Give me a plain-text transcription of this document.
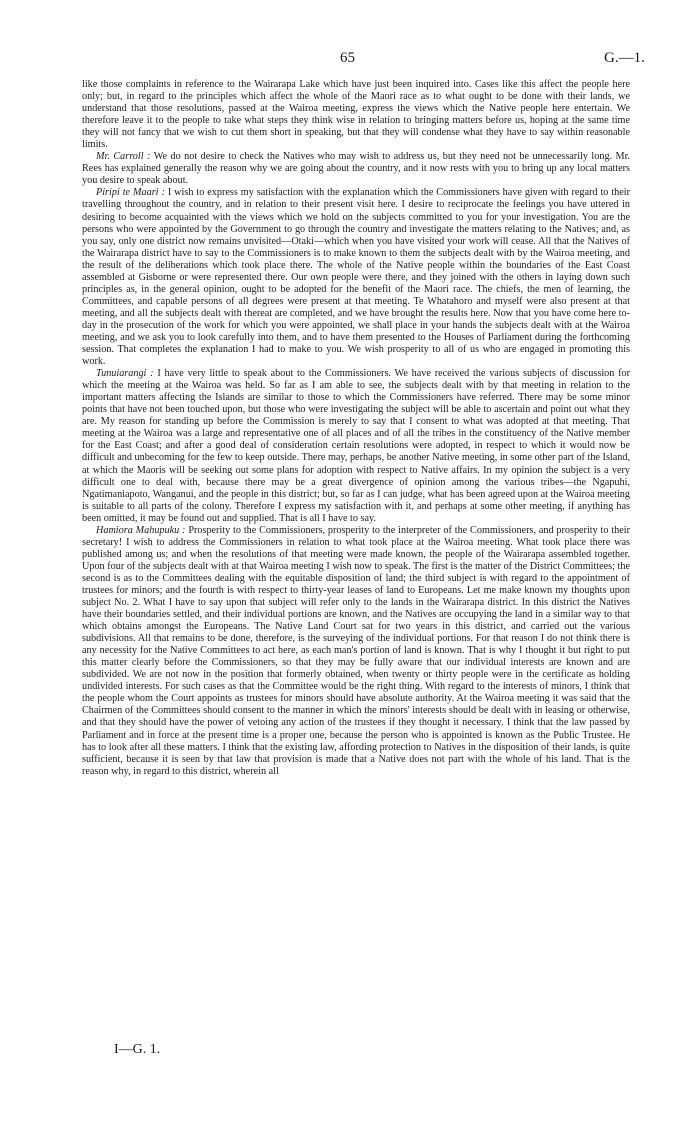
65	G.—1.

like those complaints in reference to the Wairarapa Lake which have just been inquired into. Cases like this affect the people here only; but, in regard to the principles which affect the whole of the Maori race as to what ought to be done with their lands, we understand that those resolutions, passed at the Wairoa meeting, express the views which the Native people here entertain. We therefore leave it to the people to take what steps they think wise in relation to bringing matters before us, hoping at the same time they will not fancy that we wish to cut them short in speaking, but that they will condense what they have to say within reasonable limits.

Mr. Carroll : We do not desire to check the Natives who may wish to address us, but they need not be unnecessarily long. Mr. Rees has explained generally the reason why we are going about the country, and it now rests with you to bring up any local matters you desire to speak about.

Piripi te Maari : I wish to express my satisfaction with the explanation which the Commissioners have given with regard to their travelling throughout the country, and in relation to their present visit here. I desire to reciprocate the feelings you have uttered in desiring to become acquainted with the views which we hold on the subjects committed to you for your investigation. You are the persons who were appointed by the Government to go through the country and investigate the matters relating to the Natives; and, as you say, only one district now remains unvisited—Otaki—which when you have visited your work will cease. All that the Natives of the Wairarapa district have to say to the Commissioners is to make known to them the subjects dealt with by the Wairoa meeting, and the result of the deliberations which took place there. The whole of the Native people within the boundaries of the East Coast assembled at Gisborne or were represented there. Our own people were there, and they joined with the others in laying down such principles as, in the general opinion, ought to be adopted for the benefit of the Maori race. The chiefs, the men of learning, the Committees, and capable persons of all degrees were present at that meeting. Te Whatahoro and myself were also present at that meeting, and all the subjects dealt with thereat are completed, and we have brought the results here. Now that you have come here to-day in the prosecution of the work for which you were appointed, we shall place in your hands the subjects dealt with at the Wairoa meeting, and we ask you to look carefully into them, and to have them presented to the Houses of Parliament during the forthcoming session. That completes the explanation I had to make to you. We wish prosperity to all of us who are engaged in promoting this work.

Tunuiarangi : I have very little to speak about to the Commissioners. We have received the various subjects of discussion for which the meeting at the Wairoa was held. So far as I am able to see, the subjects dealt with by that meeting in relation to the important matters affecting the Islands are similar to those to which the Commissioners have referred. There may be some minor points that have not been touched upon, but those who were investigating the subject will be able to ascertain and point out what they are. My reason for standing up before the Commission is merely to say that I consent to what was adopted at that meeting. That meeting at the Wairoa was a large and representative one of all places and of all the tribes in the constituency of the Native member for the East Coast; and after a good deal of consideration certain resolutions were adopted, in respect to which it would now be difficult and unbecoming for the few to keep outside. There may, perhaps, be another Native meeting, in some other part of the Island, at which the Maoris will be seeking out some plans for adoption with respect to Native affairs. In my opinion the subject is a very difficult one to deal with, because there may be a great divergence of opinion among the various tribes—the Ngapuhi, Ngatimaniapoto, Wanganui, and the people in this district; but, so far as I can judge, what has been agreed upon at the Wairoa meeting is suitable to all parts of the colony. Therefore I express my satisfaction with it, and perhaps at some other meeting, if anything has been omitted, it may be found out and supplied. That is all I have to say.

Hamiora Mahupuku : Prosperity to the Commissioners, prosperity to the interpreter of the Commissioners, and prosperity to their secretary! I wish to address the Commissioners in relation to what took place at the Wairoa meeting. What took place there was published among us; and when the resolutions of that meeting were made known, the people of the Wairarapa assembled together. Upon four of the subjects dealt with at that Wairoa meeting I wish now to speak. The first is the matter of the District Committees; the second is as to the Committees dealing with the equitable disposition of land; the third subject is with regard to the appointment of trustees for minors; and the fourth is with respect to thirty-year leases of land to Europeans. Let me make known my thoughts upon subject No. 2. What I have to say upon that subject will refer only to the lands in the Wairarapa district. In this district the Natives have their boundaries settled, and their individual portions are known, and the Natives are occupying the land in a similar way to that which obtains amongst the Europeans. The Native Land Court sat for two years in this district, and carried out the various subdivisions. All that remains to be done, therefore, is the surveying of the individual portions. For that reason I do not think there is any necessity for the Native Committees to act here, as each man's portion of land is known. That is why I thought it but right to put this matter clearly before the Commissioners, so that they may be fully aware that our individual interests are known and are subdivided. We are not now in the position that formerly obtained, when twenty or thirty people were in the certificate as holding undivided interests. For such cases as that the Committee would be the right thing. With regard to the interests of minors, I think that the people whom the Court appoints as trustees for minors should have absolute authority. At the Wairoa meeting it was said that the Chairmen of the Committees should consent to the manner in which the minors' interests should be dealt with in leasing or otherwise, and that they should have the power of vetoing any action of the trustees if they thought it necessary. I think that the law passed by Parliament and in force at the present time is a proper one, because the person who is appointed is known as the Public Trustee. He has to look after all these matters. I think that the existing law, affording protection to Natives in the disposition of their lands, is quite sufficient, because it is seen by that law that provision is made that a Native does not part with the whole of his land. That is the reason why, in regard to this district, wherein all

I—G. 1.
